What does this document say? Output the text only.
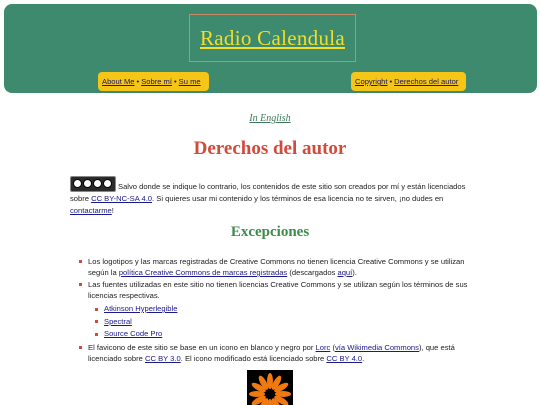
Radio Calendula
About Me • Sobre mí • Su me	Copyright • Derechos del autor
In English
Derechos del autor
Salvo donde se indique lo contrario, los contenidos de este sitio son creados por mí y están licenciados sobre CC BY-NC-SA 4.0. Si quieres usar mi contenido y los términos de esa licencia no te sirven, ¡no dudes en contactarme!
Excepciones
Los logotipos y las marcas registradas de Creative Commons no tienen licencia Creative Commons y se utilizan según la política Creative Commons de marcas registradas (descargados aquí).
Las fuentes utilizadas en este sitio no tienen licencias Creative Commons y se utilizan según los términos de sus licencias respectivas.
Atkinson Hyperlegible
Spectral
Source Code Pro
El favicono de este sitio se base en un icono en blanco y negro por Lorc (vía Wikimedia Commons), que está licenciado sobre CC BY 3.0. El icono modificado está licenciado sobre CC BY 4.0.
